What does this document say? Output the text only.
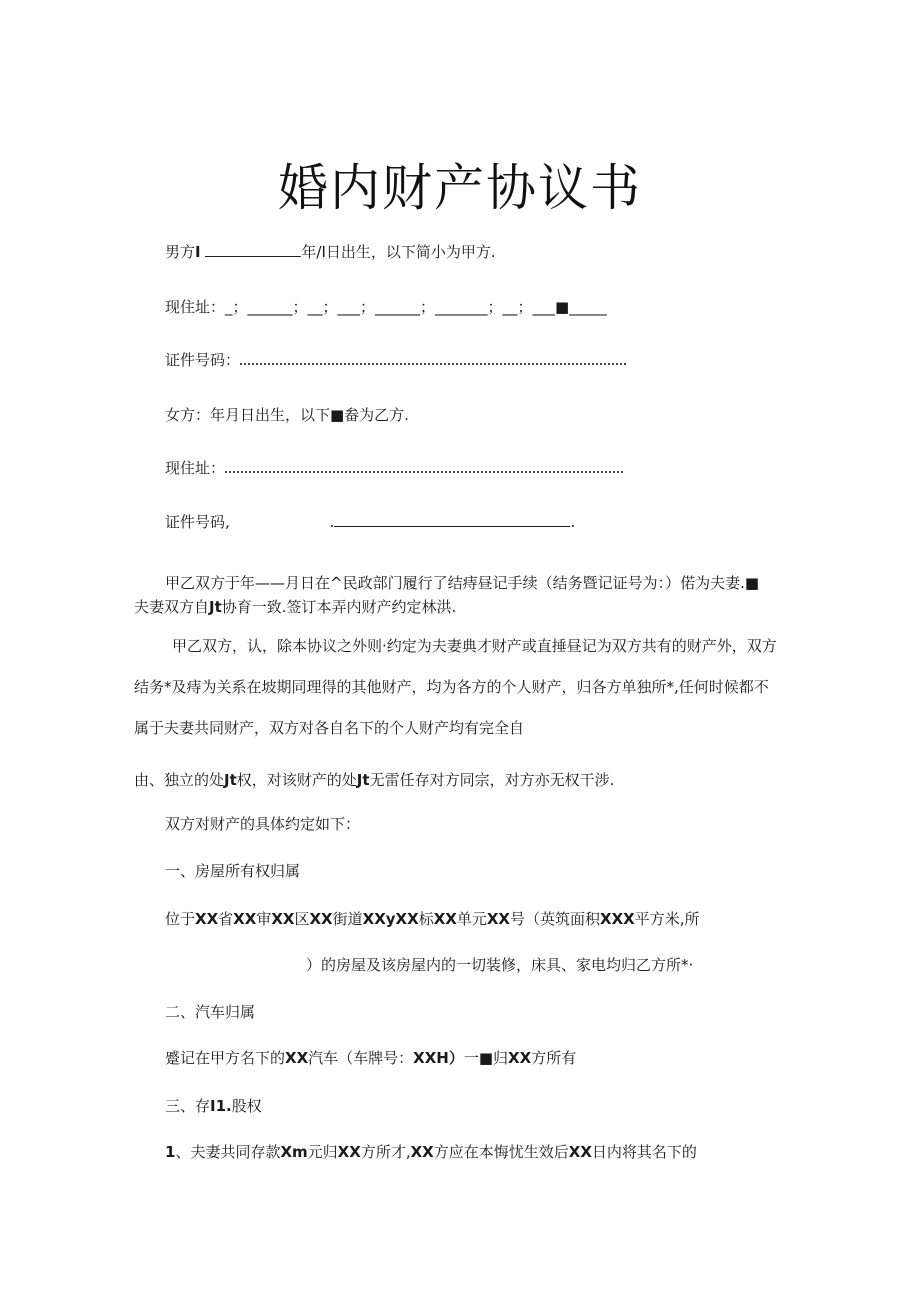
婚内财产协议书
男方I	年/I日出生，以下简小为甲方.
现住址：_；______；__；___；______；_______；__；___■_____
证件号码：
女方：年月日出生，以下■畚为乙方.
现住址：
证件号码,	.	.
甲乙双方于年——月日在^民政部门履行了结痔昼记手续（结务暨记证号为：）偌为夫妻.■
夫妻双方自Jt协育一致.签订本弄内财产约定林洪.
甲乙双方，认，除本协议之外则·约定为夫妻典才财产或直捶昼记为双方共有的财产外，双方
结务*及痔为关系在坡期同理得的其他财产，均为各方的个人财产，归各方单独所*,任何时候都不
属于夫妻共同财产，双方对各自名下的个人财产均有完全自
由、独立的处Jt权，对该财产的处Jt无雷任存对方同宗，对方亦无权干涉.
双方对财产的具体约定如下：
一、房屋所有权归属
位于XX省XX审XX区XX街道XXyXX标XX单元XX号（英筑面积XXX平方米,所
）的房屋及该房屋内的一切装修，床具、家电均归乙方所*·
二、汽车归属
蹙记在甲方名下的XX汽车（车牌号：XXH）一■归XX方所有
三、存I1.股权
1、夫妻共同存款Xm元归XX方所才,XX方应在本悔忧生效后XX日内将其名下的
